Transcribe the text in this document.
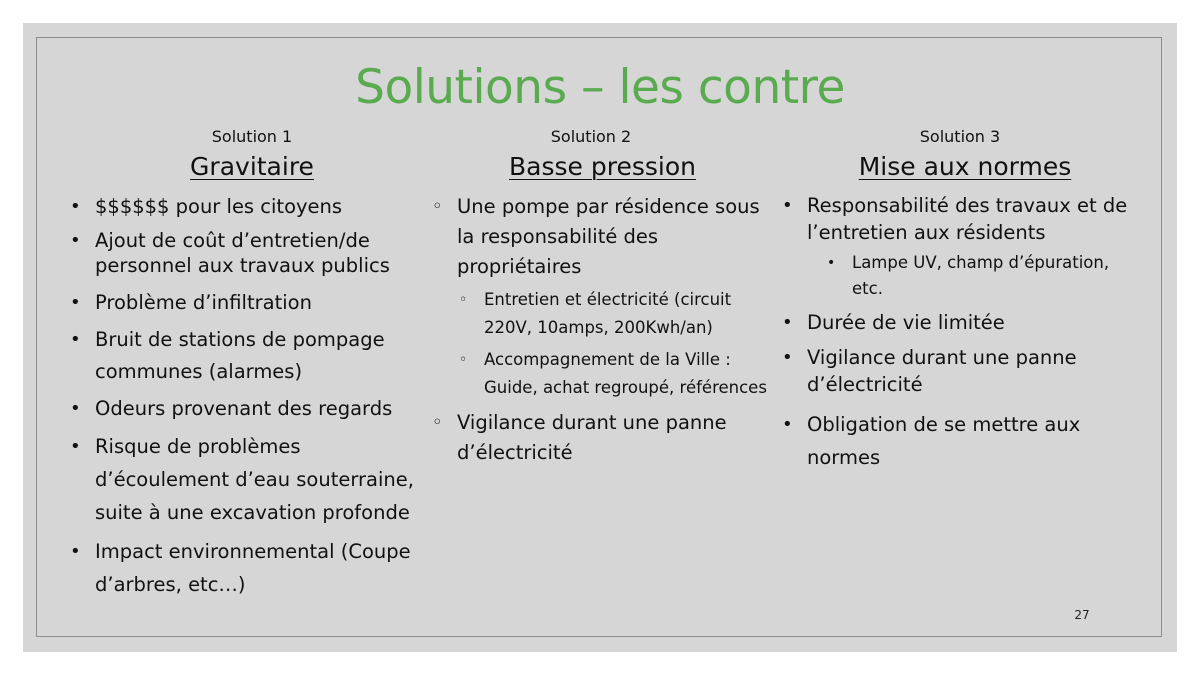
Solutions – les contre
Solution 1
Gravitaire
• $$$$$$ pour les citoyens
• Ajout de coût d’entretien/de personnel aux travaux publics
• Problème d’infiltration
• Bruit de stations de pompage communes (alarmes)
• Odeurs provenant des regards
• Risque de problèmes d’écoulement d’eau souterraine, suite à une excavation profonde
• Impact environnemental (Coupe d’arbres, etc…)
Solution 2
Basse pression
◦ Une pompe par résidence sous la responsabilité des propriétaires
◦ Entretien et électricité (circuit 220V, 10amps, 200Kwh/an)
◦ Accompagnement de la Ville : Guide, achat regroupé, références
◦ Vigilance durant une panne d’électricité
Solution 3
Mise aux normes
• Responsabilité des travaux et de l’entretien aux résidents
• Lampe UV, champ d’épuration, etc.
• Durée de vie limitée
• Vigilance durant une panne d’électricité
• Obligation de se mettre aux normes
27
